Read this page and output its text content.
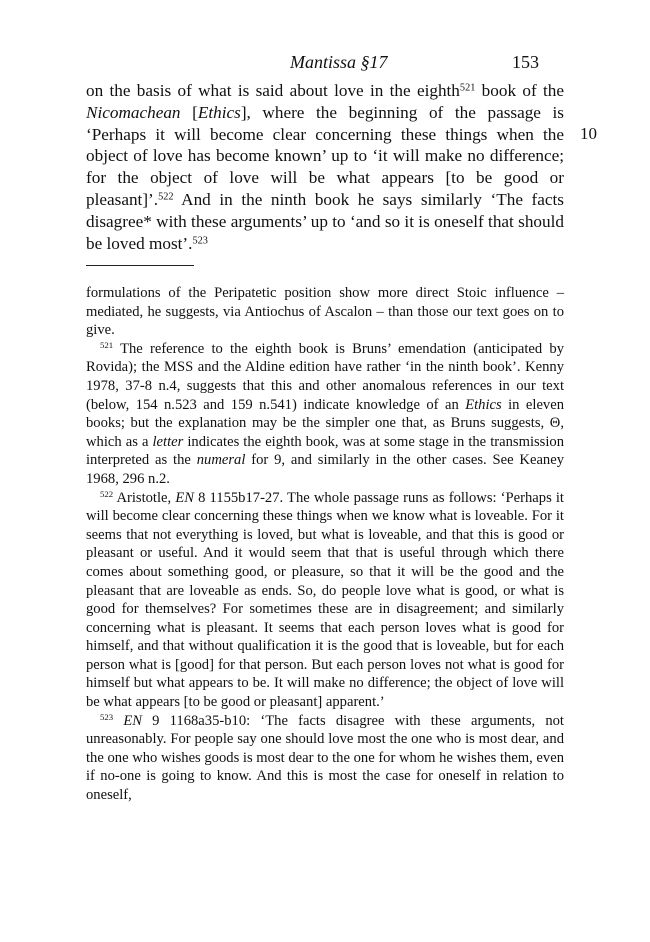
Mantissa §17	153

on the basis of what is said about love in the eighth$^{521}$ book of the Nicomachean [Ethics], where the beginning of the passage is ‘Perhaps it will become clear concerning these things when the object of love has become known’ up to ‘it will make no difference; for the object of love will be what appears [to be good or pleasant]’.$^{522}$ And in the ninth book he says similarly ‘The facts disagree* with these arguments’ up to ‘and so it is oneself that should be loved most’.$^{523}$

10

formulations of the Peripatetic position show more direct Stoic influence – mediated, he suggests, via Antiochus of Ascalon – than those our text goes on to give.

$^{521}$ The reference to the eighth book is Bruns’ emendation (anticipated by Rovida); the MSS and the Aldine edition have rather ‘in the ninth book’. Kenny 1978, 37-8 n.4, suggests that this and other anomalous references in our text (below, 154 n.523 and 159 n.541) indicate knowledge of an Ethics in eleven books; but the explanation may be the simpler one that, as Bruns suggests, Θ, which as a letter indicates the eighth book, was at some stage in the transmission interpreted as the numeral for 9, and similarly in the other cases. See Keaney 1968, 296 n.2.

$^{522}$ Aristotle, EN 8 1155b17-27. The whole passage runs as follows: ‘Perhaps it will become clear concerning these things when we know what is loveable. For it seems that not everything is loved, but what is loveable, and that this is good or pleasant or useful. And it would seem that that is useful through which there comes about something good, or pleasure, so that it will be the good and the pleasant that are loveable as ends. So, do people love what is good, or what is good for themselves? For sometimes these are in disagreement; and similarly concerning what is pleasant. It seems that each person loves what is good for himself, and that without qualification it is the good that is loveable, but for each person what is [good] for that person. But each person loves not what is good for himself but what appears to be. It will make no difference; the object of love will be what appears [to be good or pleasant] apparent.’

$^{523}$ EN 9 1168a35-b10: ‘The facts disagree with these arguments, not unreasonably. For people say one should love most the one who is most dear, and the one who wishes goods is most dear to the one for whom he wishes them, even if no-one is going to know. And this is most the case for oneself in relation to oneself,
